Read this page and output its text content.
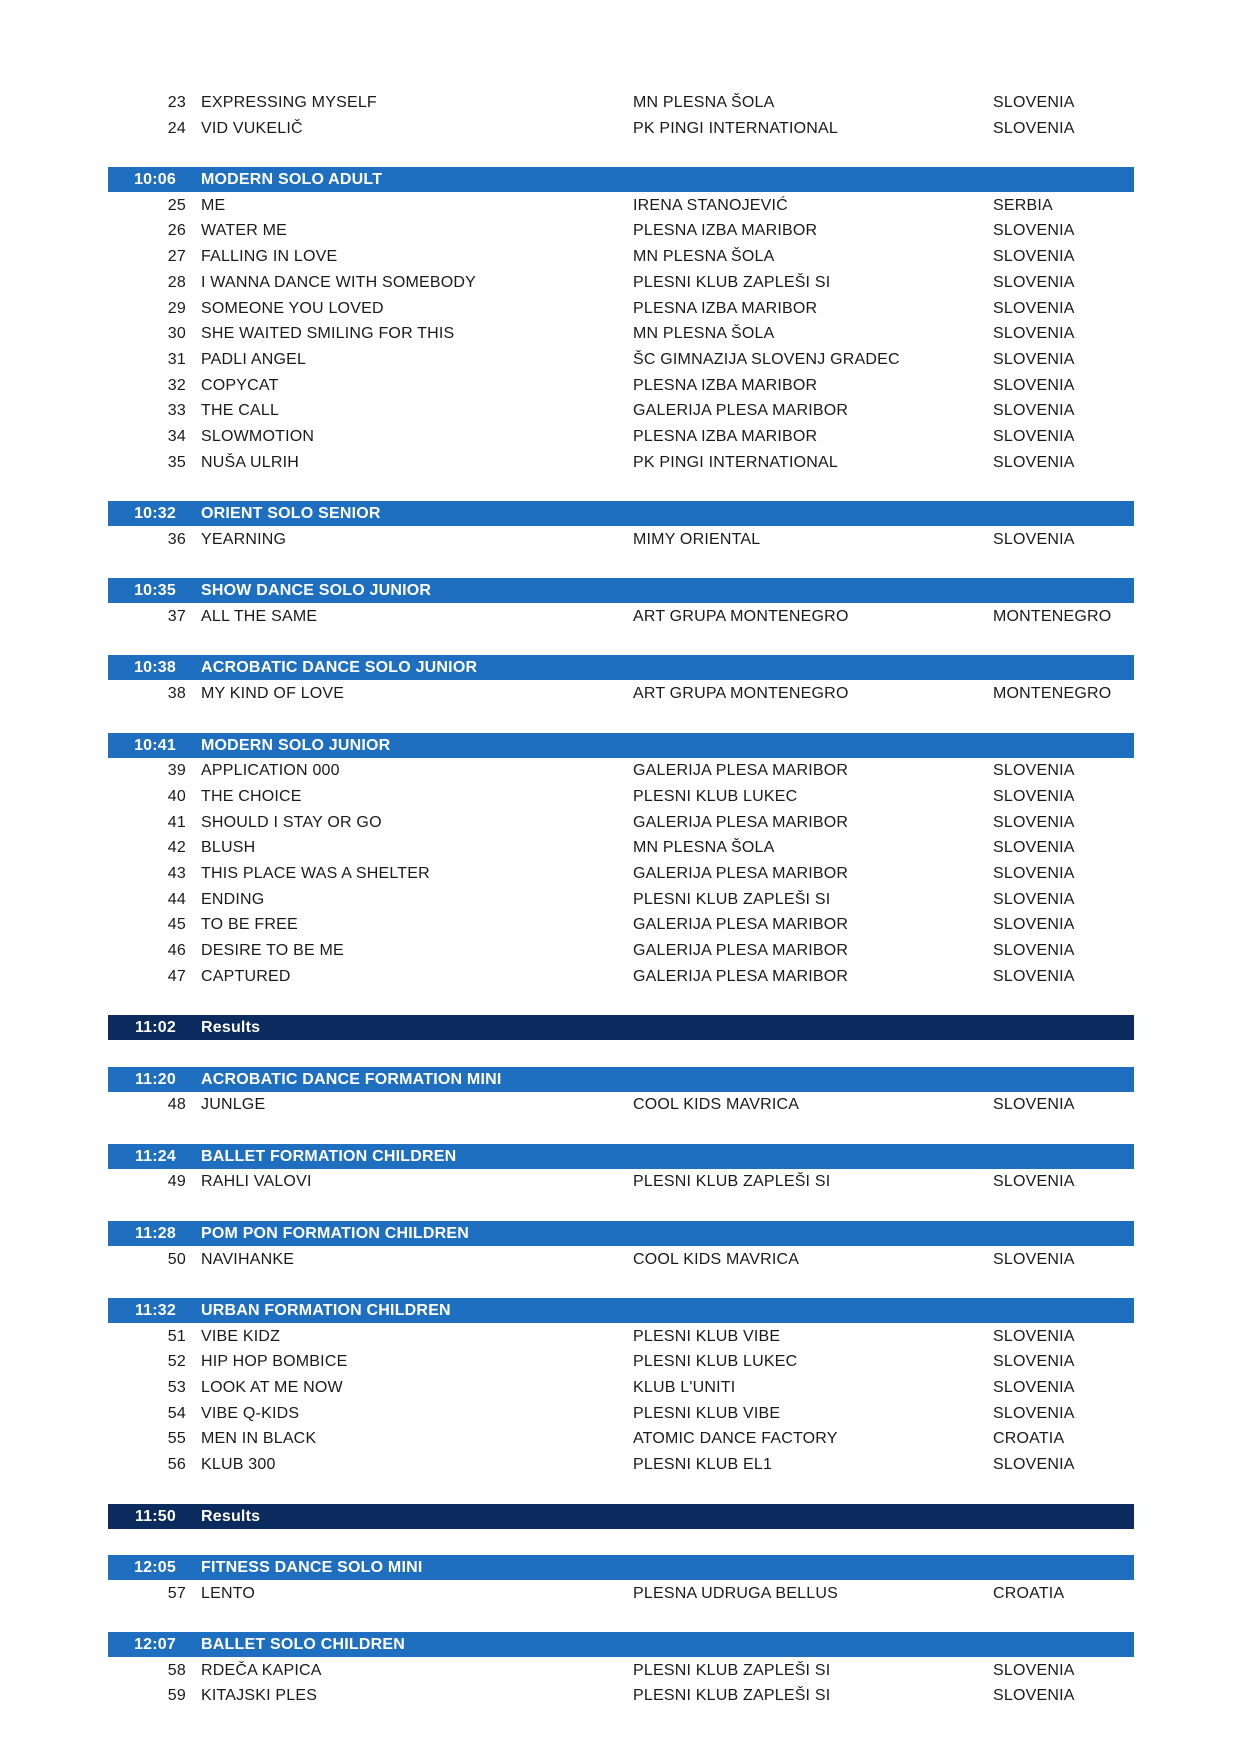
23 EXPRESSING MYSELF	MN PLESNA ŠOLA	SLOVENIA
24 VID VUKELIČ	PK PINGI INTERNATIONAL	SLOVENIA
10:06 MODERN SOLO ADULT
25 ME	IRENA STANOJEVIĆ	SERBIA
26 WATER ME	PLESNA IZBA MARIBOR	SLOVENIA
27 FALLING IN LOVE	MN PLESNA ŠOLA	SLOVENIA
28 I WANNA DANCE WITH SOMEBODY	PLESNI KLUB ZAPLEŠI SI	SLOVENIA
29 SOMEONE YOU LOVED	PLESNA IZBA MARIBOR	SLOVENIA
30 SHE WAITED SMILING FOR THIS	MN PLESNA ŠOLA	SLOVENIA
31 PADLI ANGEL	ŠC GIMNAZIJA SLOVENJ GRADEC	SLOVENIA
32 COPYCAT	PLESNA IZBA MARIBOR	SLOVENIA
33 THE CALL	GALERIJA PLESA MARIBOR	SLOVENIA
34 SLOWMOTION	PLESNA IZBA MARIBOR	SLOVENIA
35 NUŠA ULRIH	PK PINGI INTERNATIONAL	SLOVENIA
10:32 ORIENT SOLO SENIOR
36 YEARNING	MIMY ORIENTAL	SLOVENIA
10:35 SHOW DANCE SOLO JUNIOR
37 ALL THE SAME	ART GRUPA MONTENEGRO	MONTENEGRO
10:38 ACROBATIC DANCE SOLO JUNIOR
38 MY KIND OF LOVE	ART GRUPA MONTENEGRO	MONTENEGRO
10:41 MODERN SOLO JUNIOR
39 APPLICATION 000	GALERIJA PLESA MARIBOR	SLOVENIA
40 THE CHOICE	PLESNI KLUB LUKEC	SLOVENIA
41 SHOULD I STAY OR GO	GALERIJA PLESA MARIBOR	SLOVENIA
42 BLUSH	MN PLESNA ŠOLA	SLOVENIA
43 THIS PLACE WAS A SHELTER	GALERIJA PLESA MARIBOR	SLOVENIA
44 ENDING	PLESNI KLUB ZAPLEŠI SI	SLOVENIA
45 TO BE FREE	GALERIJA PLESA MARIBOR	SLOVENIA
46 DESIRE TO BE ME	GALERIJA PLESA MARIBOR	SLOVENIA
47 CAPTURED	GALERIJA PLESA MARIBOR	SLOVENIA
11:02 Results
11:20 ACROBATIC DANCE FORMATION MINI
48 JUNLGE	COOL KIDS MAVRICA	SLOVENIA
11:24 BALLET FORMATION CHILDREN
49 RAHLI VALOVI	PLESNI KLUB ZAPLEŠI SI	SLOVENIA
11:28 POM PON FORMATION CHILDREN
50 NAVIHANKE	COOL KIDS MAVRICA	SLOVENIA
11:32 URBAN FORMATION CHILDREN
51 VIBE KIDZ	PLESNI KLUB VIBE	SLOVENIA
52 HIP HOP BOMBICE	PLESNI KLUB LUKEC	SLOVENIA
53 LOOK AT ME NOW	KLUB L'UNITI	SLOVENIA
54 VIBE Q-KIDS	PLESNI KLUB VIBE	SLOVENIA
55 MEN IN BLACK	ATOMIC DANCE FACTORY	CROATIA
56 KLUB 300	PLESNI KLUB EL1	SLOVENIA
11:50 Results
12:05 FITNESS DANCE SOLO MINI
57 LENTO	PLESNA UDRUGA BELLUS	CROATIA
12:07 BALLET SOLO CHILDREN
58 RDEČA KAPICA	PLESNI KLUB ZAPLEŠI SI	SLOVENIA
59 KITAJSKI PLES	PLESNI KLUB ZAPLEŠI SI	SLOVENIA
